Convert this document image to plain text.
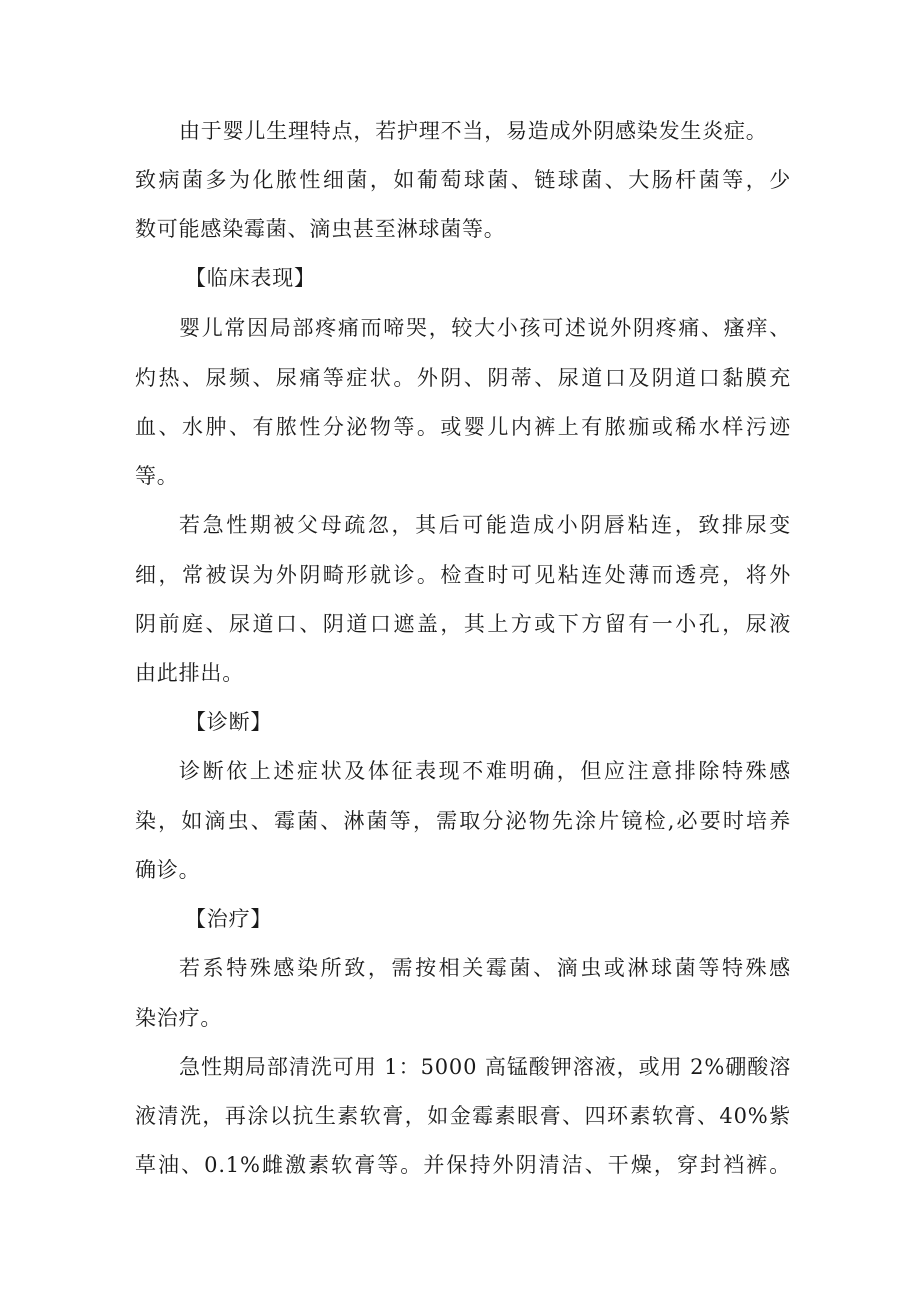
由于婴儿生理特点，若护理不当，易造成外阴感染发生炎症。
致病菌多为化脓性细菌，如葡萄球菌、链球菌、大肠杆菌等，少
数可能感染霉菌、滴虫甚至淋球菌等。
【临床表现】
婴儿常因局部疼痛而啼哭，较大小孩可述说外阴疼痛、瘙痒、
灼热、尿频、尿痛等症状。外阴、阴蒂、尿道口及阴道口黏膜充
血、水肿、有脓性分泌物等。或婴儿内裤上有脓痂或稀水样污迹
等。
若急性期被父母疏忽，其后可能造成小阴唇粘连，致排尿变
细，常被误为外阴畸形就诊。检查时可见粘连处薄而透亮，将外
阴前庭、尿道口、阴道口遮盖，其上方或下方留有一小孔，尿液
由此排出。
【诊断】
诊断依上述症状及体征表现不难明确，但应注意排除特殊感
染，如滴虫、霉菌、淋菌等，需取分泌物先涂片镜检,必要时培养
确诊。
【治疗】
若系特殊感染所致，需按相关霉菌、滴虫或淋球菌等特殊感
染治疗。
急性期局部清洗可用 1：5000 高锰酸钾溶液，或用 2%硼酸溶
液清洗，再涂以抗生素软膏，如金霉素眼膏、四环素软膏、40%紫
草油、0.1%雌激素软膏等。并保持外阴清洁、干燥，穿封裆裤。
